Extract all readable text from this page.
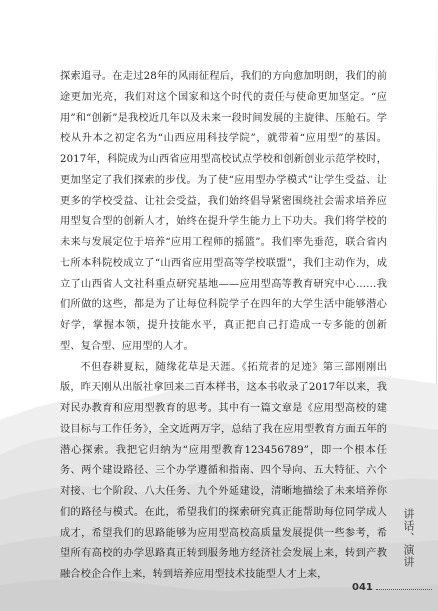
探索追寻。在走过28年的风雨征程后，我们的方向愈加明朗，我们的前途更加光亮，我们对这个国家和这个时代的责任与使命更加坚定。“应用”和“创新”是我校近几年以及未来一段时间发展的主旋律、压舱石。学校从升本之初定名为“山西应用科技学院”，就带着“应用型”的基因。2017年，科院成为山西省应用型高校试点学校和创新创业示范学校时，更加坚定了我们探索的步伐。为了使“应用型办学模式”让学生受益、让更多的学校受益、让社会受益，我们始终倡导紧密围绕社会需求培养应用型复合型的创新人才，始终在提升学生能力上下功夫。我们将学校的未来与发展定位于培养“应用工程师的摇篮”。我们率先垂范，联合省内七所本科院校成立了“山西省应用型高等学校联盟”，我们主动作为，成立了山西省人文社科重点研究基地——应用型高等教育研究中心……我们所做的这些，都是为了让每位科院学子在四年的大学生活中能够潜心好学，掌握本领，提升技能水平，真正把自己打造成一专多能的创新型、复合型、应用型的人才。

不但春耕夏耘，随缘花草是天涯。《拓荒者的足迹》第三部刚刚出版，昨天刚从出版社拿回来二百本样书，这本书收录了2017年以来，我对民办教育和应用型教育的思考。其中有一篇文章是《应用型高校的建设目标与工作任务》，全文近两万字，总结了我在应用型教育方面五年的潜心探索。我把它归纳为“应用型教育123456789”，即一个根本任务、两个建设路径、三个办学遵循和指南、四个导向、五大特征、六个对接、七个阶段、八大任务、九个外延建设，清晰地描绘了未来培养你们的路径与模式。在此，希望我们的探索研究真正能帮助每位同学成人成才，希望我们的思路能够为应用型高校高质量发展提供一些参考，希望所有高校的办学思路真正转到服务地方经济社会发展上来，转到产教融合校企合作上来，转到培养应用型技术技能型人才上来，

讲话、演讲
041
